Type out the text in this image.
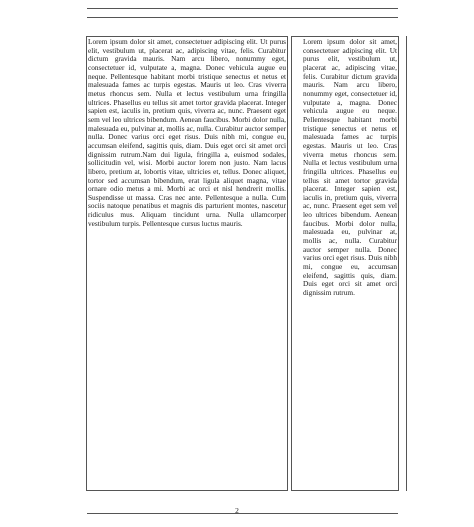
Lorem ipsum dolor sit amet, consectetuer adipiscing elit. Ut purus elit, vestibulum ut, placerat ac, adipiscing vitae, felis. Curabitur dictum gravida mauris. Nam arcu libero, nonummy eget, consectetuer id, vulputate a, magna. Donec vehicula augue eu neque. Pellentesque habitant morbi tristique senectus et netus et malesuada fames ac turpis egestas. Mauris ut leo. Cras viverra metus rhoncus sem. Nulla et lectus vestibulum urna fringilla ultrices. Phasellus eu tellus sit amet tortor gravida placerat. Integer sapien est, iaculis in, pretium quis, viverra ac, nunc. Praesent eget sem vel leo ultrices bibendum. Aenean faucibus. Morbi dolor nulla, malesuada eu, pulvinar at, mollis ac, nulla. Curabitur auctor semper nulla. Donec varius orci eget risus. Duis nibh mi, congue eu, accumsan eleifend, sagittis quis, diam. Duis eget orci sit amet orci dignissim rutrum.Nam dui ligula, fringilla a, euismod sodales, sollicitudin vel, wisi. Morbi auctor lorem non justo. Nam lacus libero, pretium at, lobortis vitae, ultricies et, tellus. Donec aliquet, tortor sed accumsan bibendum, erat ligula aliquet magna, vitae ornare odio metus a mi. Morbi ac orci et nisl hendrerit mollis. Suspendisse ut massa. Cras nec ante. Pellentesque a nulla. Cum sociis natoque penatibus et magnis dis parturient montes, nascetur ridiculus mus. Aliquam tincidunt urna. Nulla ullamcorper vestibulum turpis. Pellentesque cursus luctus mauris.

Lorem ipsum dolor sit amet, consectetuer adipiscing elit. Ut purus elit, vestibulum ut, placerat ac, adipiscing vitae, felis. Curabitur dictum gravida mauris. Nam arcu libero, nonummy eget, consectetuer id, vulputate a, magna. Donec vehicula augue eu neque. Pellentesque habitant morbi tristique senectus et netus et malesuada fames ac turpis egestas. Mauris ut leo. Cras viverra metus rhoncus sem. Nulla et lectus vestibulum urna fringilla ultrices. Phasellus eu tellus sit amet tortor gravida placerat. Integer sapien est, iaculis in, pretium quis, viverra ac, nunc. Praesent eget sem vel leo ultrices bibendum. Aenean faucibus. Morbi dolor nulla, malesuada eu, pulvinar at, mollis ac, nulla. Curabitur auctor semper nulla. Donec varius orci eget risus. Duis nibh mi, congue eu, accumsan eleifend, sagittis quis, diam. Duis eget orci sit amet orci dignissim rutrum.

2
